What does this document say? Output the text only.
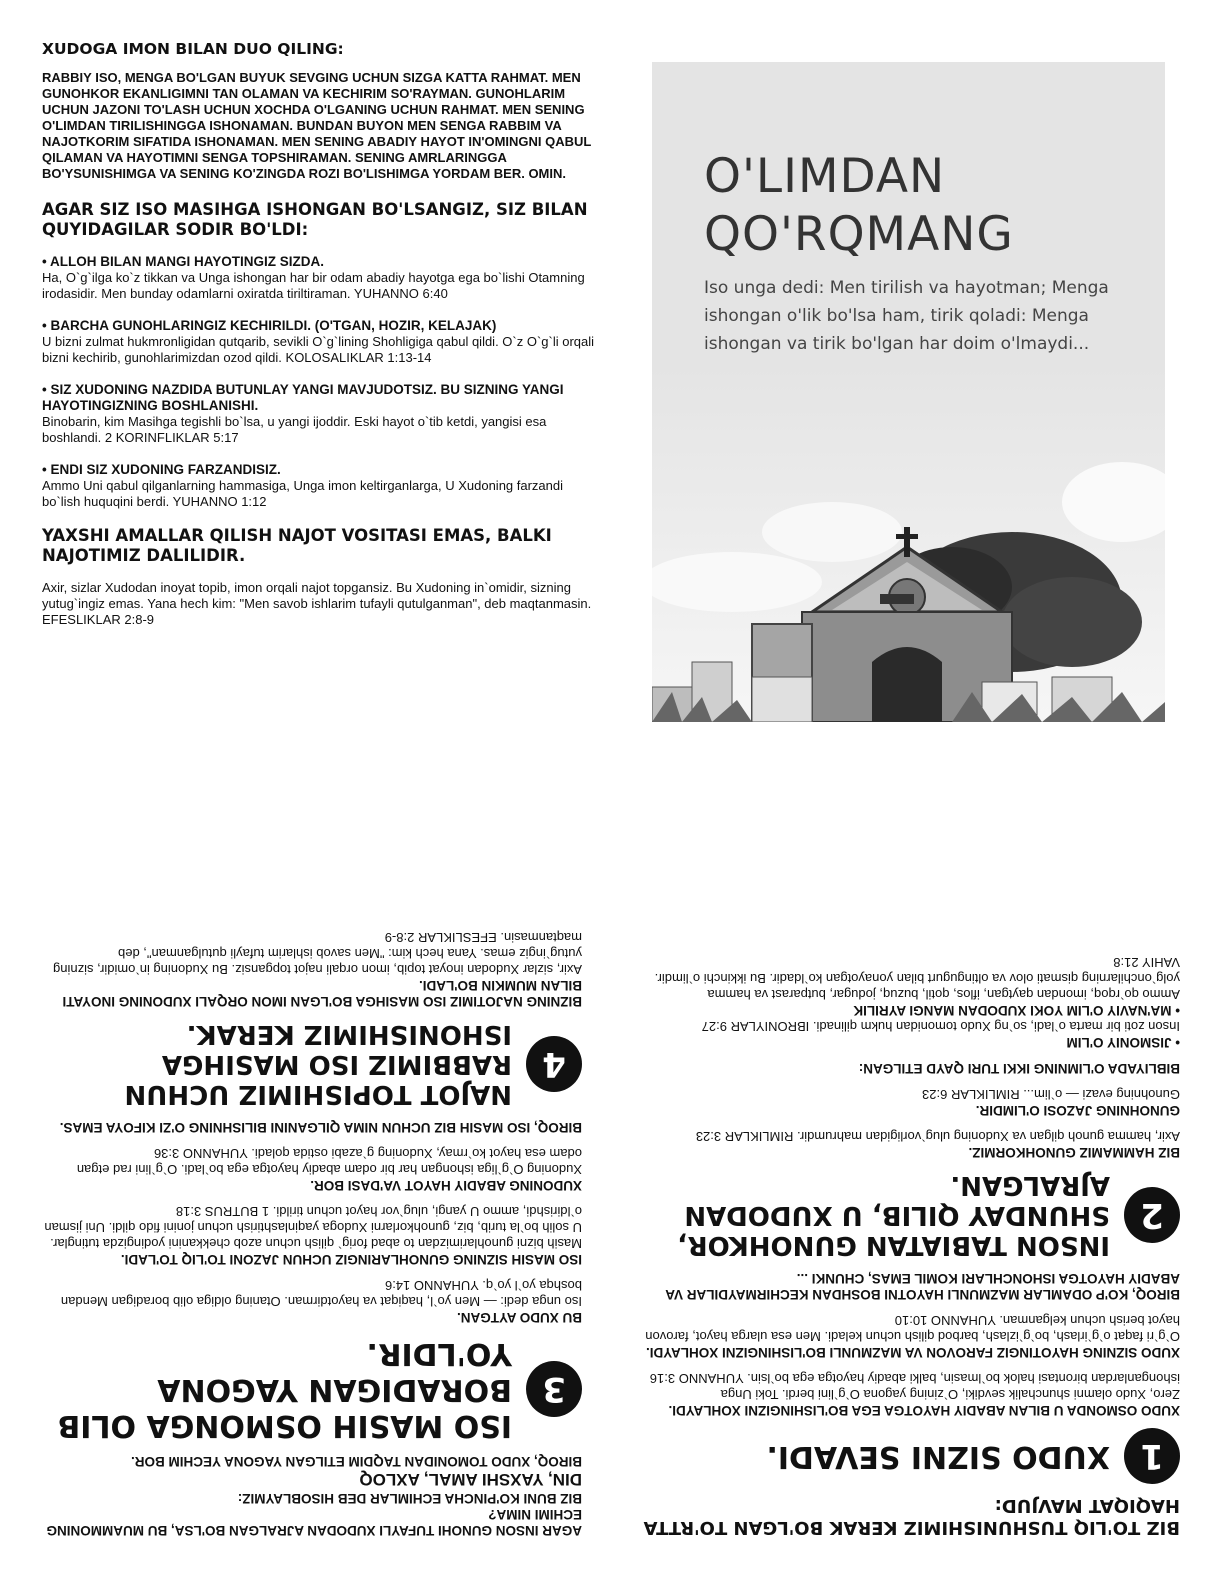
XUDOGA IMON BILAN DUO QILING:
RABBIY ISO, MENGA BO'LGAN BUYUK SEVGING UCHUN SIZGA KATTA RAHMAT. MEN GUNOHKOR EKANLIGIMNI TAN OLAMAN VA KECHIRIM SO'RAYMAN. GUNOHLARIM UCHUN JAZONI TO'LASH UCHUN XOCHDA O'LGANING UCHUN RAHMAT. MEN SENING O'LIMDAN TIRILISHINGGA ISHONAMAN. BUNDAN BUYON MEN SENGA RABBIM VA NAJOTKORIM SIFATIDA ISHONAMAN. MEN SENING ABADIY HAYOT IN'OMINGNI QABUL QILAMAN VA HAYOTIMNI SENGA TOPSHIRAMAN. SENING AMRLARINGGA BO'YSUNISHIMGA VA SENING KO'ZINGDA ROZI BO'LISHIMGA YORDAM BER. OMIN.
AGAR SIZ ISO MASIHGA ISHONGAN BO'LSANGIZ, SIZ BILAN QUYIDAGILAR SODIR BO'LDI:
• ALLOH BILAN MANGI HAYOTINGIZ SIZDA.
Ha, O`g`ilga ko`z tikkan va Unga ishongan har bir odam abadiy hayotga ega bo`lishi Otamning irodasidir. Men bunday odamlarni oxiratda tiriltiraman. YUHANNO 6:40
• BARCHA GUNOHLARINGIZ KECHIRILDI. (O'TGAN, HOZIR, KELAJAK)
U bizni zulmat hukmronligidan qutqarib, sevikli O`g`lining Shohligiga qabul qildi. O`z O`g`li orqali bizni kechirib, gunohlarimizdan ozod qildi. KOLOSALIKLAR 1:13-14
• SIZ XUDONING NAZDIDA BUTUNLAY YANGI MAVJUDOTSIZ. BU SIZNING YANGI HAYOTINGIZNING BOSHLANISHI.
Binobarin, kim Masihga tegishli bo`lsa, u yangi ijoddir. Eski hayot o`tib ketdi, yangisi esa boshlandi. 2 KORINFLIKLAR 5:17
• ENDI SIZ XUDONING FARZANDISIZ.
Ammo Uni qabul qilganlarning hammasiga, Unga imon keltirganlarga, U Xudoning farzandi bo`lish huquqini berdi. YUHANNO 1:12
YAXSHI AMALLAR QILISH NAJOT VOSITASI EMAS, BALKI NAJOTIMIZ DALILIDIR.
Axir, sizlar Xudodan inoyat topib, imon orqali najot topgansiz. Bu Xudoning in`omidir, sizning yutug`ingiz emas. Yana hech kim: "Men savob ishlarim tufayli qutulganman", deb maqtanmasin. EFESLIKLAR 2:8-9
O'LIMDAN
QO'RQMANG
Iso unga dedi: Men tirilish va hayotman; Menga ishongan o'lik bo'lsa ham, tirik qoladi: Menga ishongan va tirik bo'lgan har doim o'lmaydi...
AGAR INSON GUNOHI TUFAYLI XUDODAN AJRALGAN BO'LSA, BU MUAMMONING ECHIMI NIMA?
BIZ BUNI KO'PINCHA ECHIMLAR DEB HISOBLAYMIZ:
DIN, YAXSHI AMAL, AXLOQ
BIROQ, XUDO TOMONIDAN TAQDIM ETILGAN YAGONA YECHIM BOR.
3
ISO MASIH OSMONGA OLIB BORADIGAN YAGONA YO'LDIR.
BU XUDO AYTGAN.
Iso unga dedi: — Men yo`l, haqiqat va hayotdirman. Otaning oldiga olib boradigan Mendan boshqa yo`l yo`q. YUHANNO 14:6
ISO MASIH SIZNING GUNOHLARINGIZ UCHUN JAZONI TO'LIQ TO'LADI.
Masih bizni gunohlarimizdan to abad forig` qilish uchun azob chekkanini yodingizda tutinglar. U solih bo`la turib, biz, gunohkorlarni Xudoga yaqinlashtirish uchun jonini fido qildi. Uni jisman o`ldirishdi, ammo U yangi, ulug`vor hayot uchun tirildi. 1 BUTRUS 3:18
XUDONING ABADIY HAYOT VA'DASI BOR.
Xudoning O`g`liga ishongan har bir odam abadiy hayotga ega bo`ladi. O`g`lini rad etgan odam esa hayot ko`rmay, Xudoning g`azabi ostida qoladi. YUHANNO 3:36
BIROQ, ISO MASIH BIZ UCHUN NIMA QILGANINI BILISHNING O'ZI KIFOYA EMAS.
4
NAJOT TOPISHIMIZ UCHUN RABBIMIZ ISO MASIHGA ISHONISHIMIZ KERAK.
BIZNING NAJOTIMIZ ISO MASIHGA BO'LGAN IMON ORQALI XUDONING INOYATI BILAN MUMKIN BO'LADI.
Axir, sizlar Xudodan inoyat topib, imon orqali najot topgansiz. Bu Xudoning in`omidir, sizning yutug`ingiz emas. Yana hech kim: "Men savob ishlarim tufayli qutulganman", deb maqtanmasin. EFESLIKLAR 2:8-9
BIZ TO'LIQ TUSHUNISHIMIZ KERAK BO'LGAN TO'RTTA HAQIQAT MAVJUD:
1
XUDO SIZNI SEVADI.
XUDO OSMONDA U BILAN ABADIY HAYOTGA EGA BO'LISHINGIZNI XOHLAYDI.
Zero, Xudo olamni shunchalik sevdiki, O`zining yagona O`g`lini berdi. Toki Unga ishonganlardan birontasi halok bo`lmasin, balki abadiy hayotga ega bo`lsin. YUHANNO 3:16
XUDO SIZNING HAYOTINGIZ FAROVON VA MAZMUNLI BO'LISHINGIZNI XOHLAYDI.
O`g`ri faqat o`g`irlash, bo`g`izlash, barbod qilish uchun keladi. Men esa ularga hayot, farovon hayot berish uchun kelganman. YUHANNO 10:10
BIROQ, KO'P ODAMLAR MAZMUNLI HAYOTNI BOSHDAN KECHIRMAYDILAR VA ABADIY HAYOTGA ISHONCHLARI KOMIL EMAS, CHUNKI ...
2
INSON TABIATAN GUNOHKOR, SHUNDAY QILIB, U XUDODAN AJRALGAN.
BIZ HAMMAMIZ GUNOHKORMIZ.
Axir, hamma gunoh qilgan va Xudoning ulug`vorligidan mahrumdir. RIMLIKLAR 3:23
GUNOHNING JAZOSI O'LIMDIR.
Gunohning evazi — o`lim... RIMLIKLAR 6:23
BIBLIYADA O'LIMNING IKKI TURI QAYD ETILGAN:
• JISMONIY O'LIM
Inson zoti bir marta o`ladi, so`ng Xudo tomonidan hukm qilinadi. IBRONIYLAR 9:27
• MA'NAVIY O'LIM YOKI XUDODAN MANGI AYRILIK
Ammo qo`rqoq, imondan qaytgan, iflos, qotil, buzuq, jodugar, butparast va hamma yolg`onchilarning qismati olov va oltingugurt bilan yonayotgan ko`ldadir. Bu ikkinchi o`limdir. VAHIY 21:8
